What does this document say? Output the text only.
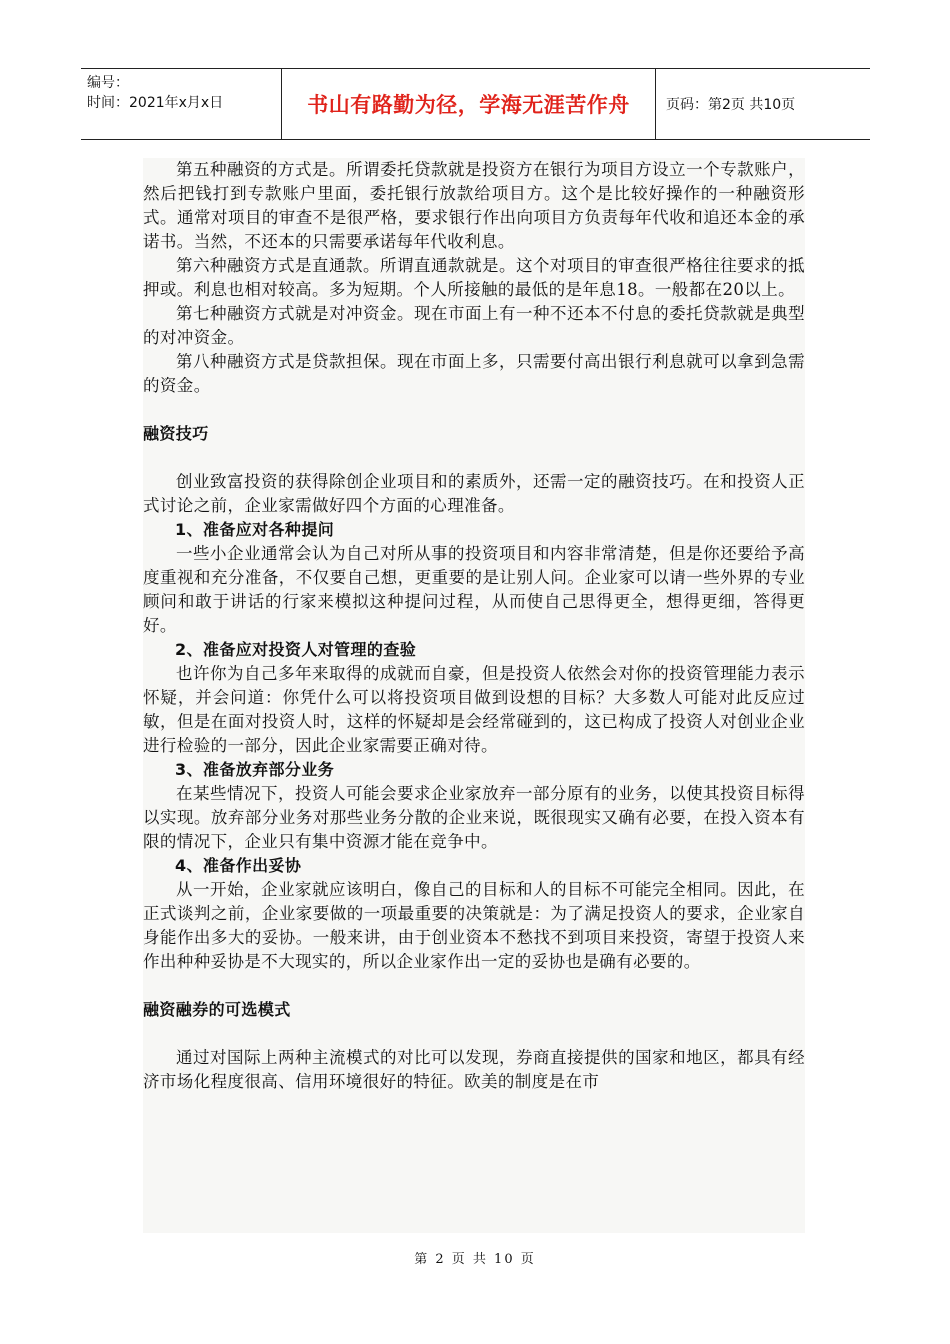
编号：
时间：2021年x月x日	书山有路勤为径，学海无涯苦作舟	页码：第2页 共10页

第五种融资的方式是。所谓委托贷款就是投资方在银行为项目方设立一个专款账户，然后把钱打到专款账户里面，委托银行放款给项目方。这个是比较好操作的一种融资形式。通常对项目的审查不是很严格，要求银行作出向项目方负责每年代收和追还本金的承诺书。当然，不还本的只需要承诺每年代收利息。

第六种融资方式是直通款。所谓直通款就是。这个对项目的审查很严格往往要求的抵押或。利息也相对较高。多为短期。个人所接触的最低的是年息18。一般都在20以上。

第七种融资方式就是对冲资金。现在市面上有一种不还本不付息的委托贷款就是典型的对冲资金。

第八种融资方式是贷款担保。现在市面上多，只需要付高出银行利息就可以拿到急需的资金。

融资技巧

创业致富投资的获得除创企业项目和的素质外，还需一定的融资技巧。在和投资人正式讨论之前，企业家需做好四个方面的心理准备。

1、准备应对各种提问

一些小企业通常会认为自己对所从事的投资项目和内容非常清楚，但是你还要给予高度重视和充分准备，不仅要自己想，更重要的是让别人问。企业家可以请一些外界的专业顾问和敢于讲话的行家来模拟这种提问过程，从而使自己思得更全，想得更细，答得更好。

2、准备应对投资人对管理的查验

也许你为自己多年来取得的成就而自豪，但是投资人依然会对你的投资管理能力表示怀疑，并会问道：你凭什么可以将投资项目做到设想的目标？大多数人可能对此反应过敏，但是在面对投资人时，这样的怀疑却是会经常碰到的，这已构成了投资人对创业企业进行检验的一部分，因此企业家需要正确对待。

3、准备放弃部分业务

在某些情况下，投资人可能会要求企业家放弃一部分原有的业务，以使其投资目标得以实现。放弃部分业务对那些业务分散的企业来说，既很现实又确有必要，在投入资本有限的情况下，企业只有集中资源才能在竞争中。

4、准备作出妥协

从一开始，企业家就应该明白，像自己的目标和人的目标不可能完全相同。因此，在正式谈判之前，企业家要做的一项最重要的决策就是：为了满足投资人的要求，企业家自身能作出多大的妥协。一般来讲，由于创业资本不愁找不到项目来投资，寄望于投资人来作出种种妥协是不大现实的，所以企业家作出一定的妥协也是确有必要的。

融资融券的可选模式

通过对国际上两种主流模式的对比可以发现，券商直接提供的国家和地区，都具有经济市场化程度很高、信用环境很好的特征。欧美的制度是在市

第 2 页 共 10 页
